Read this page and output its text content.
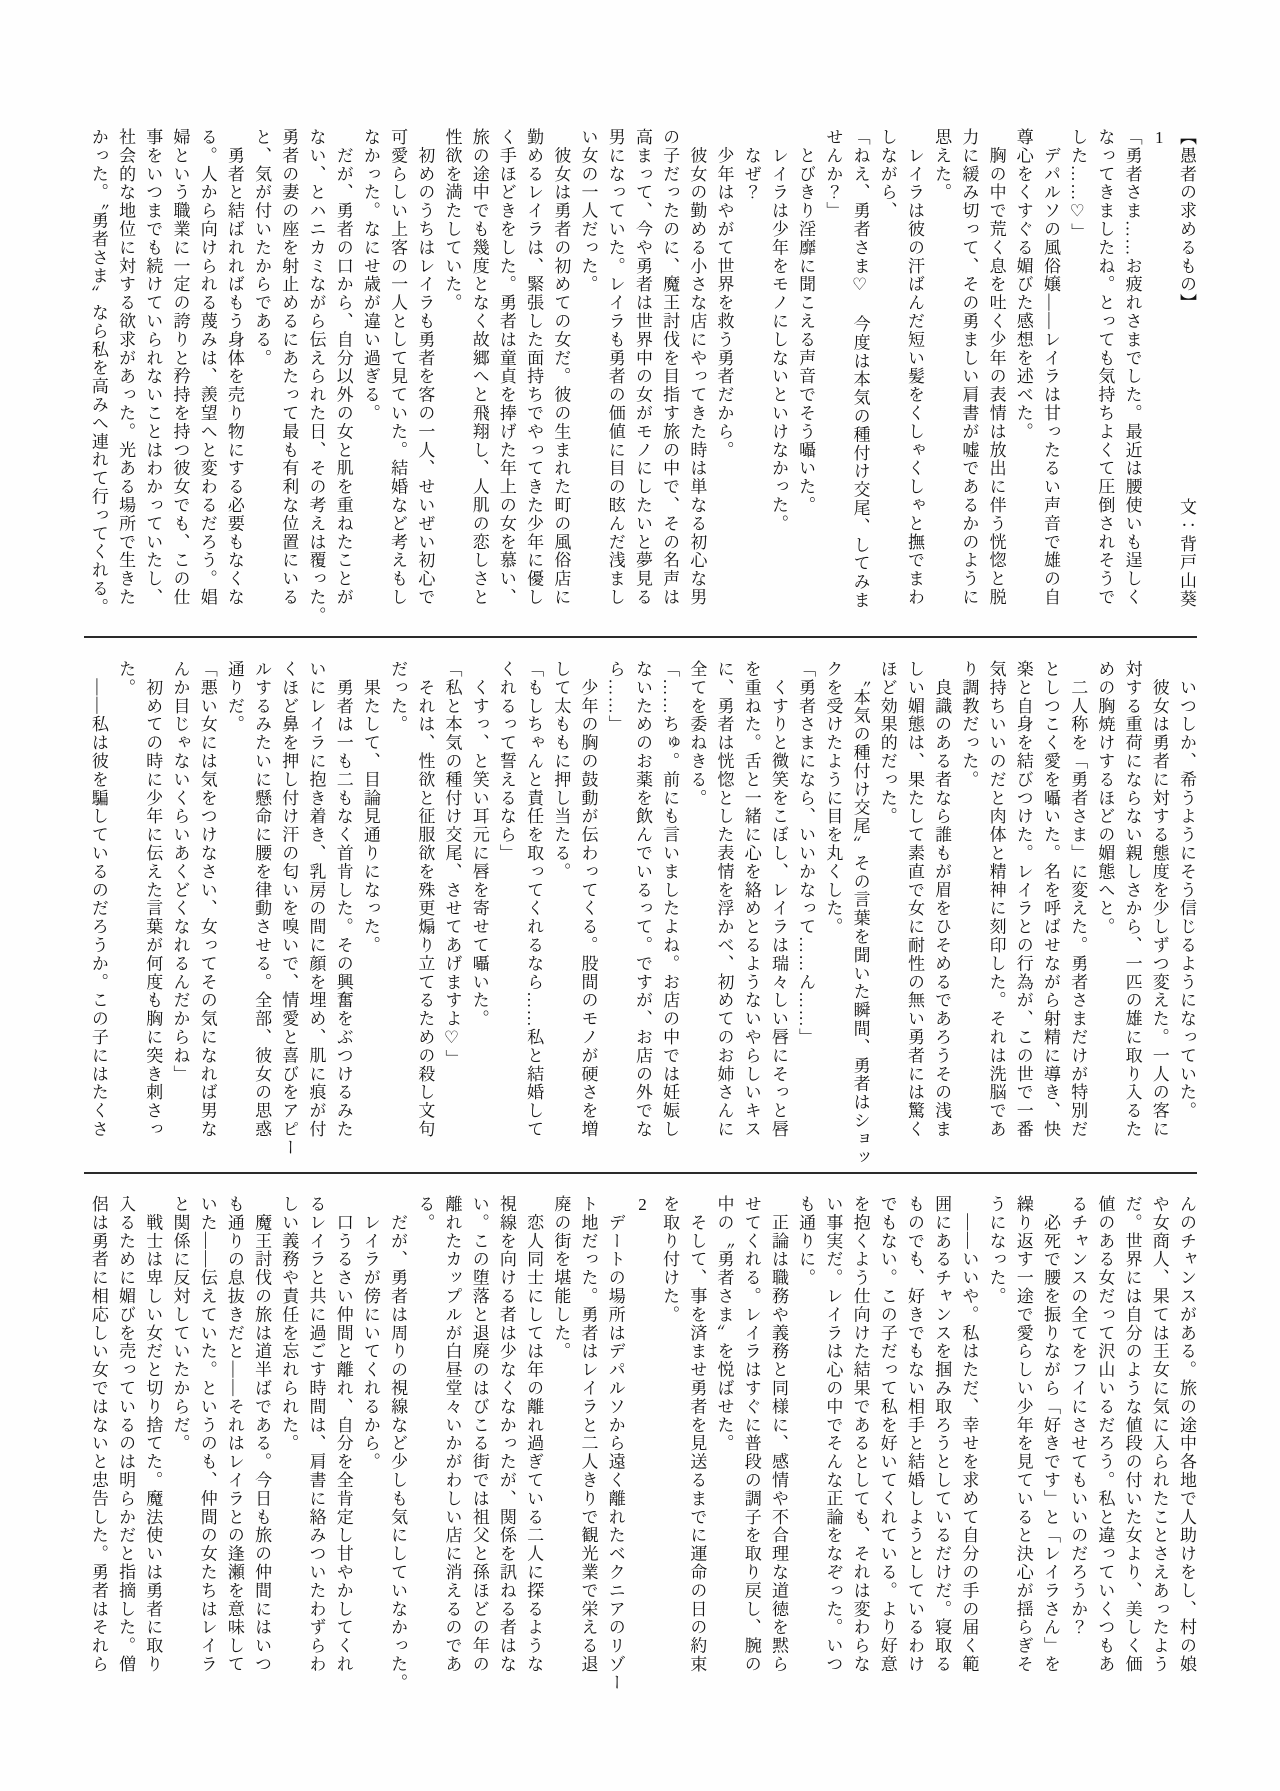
【愚者の求めるもの】
文：背戸山葵

1

「勇者さま……お疲れさまでした。最近は腰使いも逞しく

なってきましたね。とっても気持ちよくて圧倒されそうで

した……♡」

　デパルソの風俗嬢――レイラは甘ったるい声音で雄の自

尊心をくすぐる媚びた感想を述べた。

　胸の中で荒く息を吐く少年の表情は放出に伴う恍惚と脱

力に緩み切って、その勇ましい肩書が嘘であるかのように

思えた。

　レイラは彼の汗ばんだ短い髪をくしゃくしゃと撫でまわ

しながら、

「ねえ、勇者さま♡　今度は本気の種付け交尾、してみま

せんか？」

　とびきり淫靡に聞こえる声音でそう囁いた。

　レイラは少年をモノにしないといけなかった。

　なぜ？

　少年はやがて世界を救う勇者だから。

　彼女の勤める小さな店にやってきた時は単なる初心な男

の子だったのに、魔王討伐を目指す旅の中で、その名声は

高まって、今や勇者は世界中の女がモノにしたいと夢見る

男になっていた。レイラも勇者の価値に目の眩んだ浅まし

い女の一人だった。

　彼女は勇者の初めての女だ。彼の生まれた町の風俗店に

勤めるレイラは、緊張した面持ちでやってきた少年に優し

く手ほどきをした。勇者は童貞を捧げた年上の女を慕い、

旅の途中でも幾度となく故郷へと飛翔し、人肌の恋しさと

性欲を満たしていた。

　初めのうちはレイラも勇者を客の一人、せいぜい初心で

可愛らしい上客の一人として見ていた。結婚など考えもし

なかった。なにせ歳が違い過ぎる。

　だが、勇者の口から、自分以外の女と肌を重ねたことが

ない、とハニカミながら伝えられた日、その考えは覆った。

勇者の妻の座を射止めるにあたって最も有利な位置にいる

と、気が付いたからである。

　勇者と結ばれればもう身体を売り物にする必要もなくな

る。人から向けられる蔑みは、羨望へと変わるだろう。娼

婦という職業に一定の誇りと矜持を持つ彼女でも、この仕

事をいつまでも続けていられないことはわかっていたし、

社会的な地位に対する欲求があった。光ある場所で生きた

かった。〝勇者さま〟なら私を高みへ連れて行ってくれる。

　いつしか、希うようにそう信じるようになっていた。

　彼女は勇者に対する態度を少しずつ変えた。一人の客に

対する重荷にならない親しさから、一匹の雄に取り入るた

めの胸焼けするほどの媚態へと。

　二人称を「勇者さま」に変えた。勇者さまだけが特別だ

としつこく愛を囁いた。名を呼ばせながら射精に導き、快

楽と自身を結びつけた。レイラとの行為が、この世で一番

気持ちいいのだと肉体と精神に刻印した。それは洗脳であ

り調教だった。

　良識のある者なら誰もが眉をひそめるであろうその浅ま

しい媚態は、果たして素直で女に耐性の無い勇者には驚く

ほど効果的だった。

　〝本気の種付け交尾〟その言葉を聞いた瞬間、勇者はショッ

クを受けたように目を丸くした。

「勇者さまになら、いいかなって……ん……」

　くすりと微笑をこぼし、レイラは瑞々しい唇にそっと唇

を重ねた。舌と一緒に心を絡めとるようないやらしいキス

に、勇者は恍惚とした表情を浮かべ、初めてのお姉さんに

全てを委ねきる。

「……ちゅ。前にも言いましたよね。お店の中では妊娠し

ないためのお薬を飲んでいるって。ですが、お店の外でな

ら……」

　少年の胸の鼓動が伝わってくる。股間のモノが硬さを増

して太ももに押し当たる。

「もしちゃんと責任を取ってくれるなら……私と結婚して

くれるって誓えるなら」

　くすっ、と笑い耳元に唇を寄せて囁いた。

「私と本気の種付け交尾、させてあげますよ♡」

　それは、性欲と征服欲を殊更煽り立てるための殺し文句

だった。

　果たして、目論見通りになった。

　勇者は一も二もなく首肯した。その興奮をぶつけるみた

いにレイラに抱き着き、乳房の間に顔を埋め、肌に痕が付

くほど鼻を押し付け汗の匂いを嗅いで、情愛と喜びをアピー

ルするみたいに懸命に腰を律動させる。全部、彼女の思惑

通りだ。

「悪い女には気をつけなさい、女ってその気になれば男な

んか目じゃないくらいあくどくなれるんだからね」

　初めての時に少年に伝えた言葉が何度も胸に突き刺さっ

た。

　――私は彼を騙しているのだろうか。この子にはたくさ

んのチャンスがある。旅の途中各地で人助けをし、村の娘

や女商人、果ては王女に気に入られたことさえあったよう

だ。世界には自分のような値段の付いた女より、美しく価

値のある女だって沢山いるだろう。私と違っていくつもあ

るチャンスの全てをフイにさせてもいいのだろうか？

　必死で腰を振りながら「好きです」と「レイラさん」を

繰り返す一途で愛らしい少年を見ていると決心が揺らぎそ

うになった。

　――いいや。私はただ、幸せを求めて自分の手の届く範

囲にあるチャンスを掴み取ろうとしているだけだ。寝取る

ものでも、好きでもない相手と結婚しようとしているわけ

でもない。この子だって私を好いてくれている。より好意

を抱くよう仕向けた結果であるとしても、それは変わらな

い事実だ。レイラは心の中でそんな正論をなぞった。いつ

も通りに。

　正論は職務や義務と同様に、感情や不合理な道徳を黙ら

せてくれる。レイラはすぐに普段の調子を取り戻し、腕の

中の〝勇者さま〟を悦ばせた。

　そして、事を済ませ勇者を見送るまでに運命の日の約束

を取り付けた。

2

　デートの場所はデパルソから遠く離れたベクニアのリゾー

ト地だった。勇者はレイラと二人きりで観光業で栄える退

廃の街を堪能した。

　恋人同士にしては年の離れ過ぎている二人に探るような

視線を向ける者は少なくなかったが、関係を訊ねる者はな

い。この堕落と退廃のはびこる街では祖父と孫ほどの年の

離れたカップルが白昼堂々いかがわしい店に消えるのであ

る。

　だが、勇者は周りの視線など少しも気にしていなかった。

　レイラが傍にいてくれるから。

　口うるさい仲間と離れ、自分を全肯定し甘やかしてくれ

るレイラと共に過ごす時間は、肩書に絡みついたわずらわ

しい義務や責任を忘れられた。

　魔王討伐の旅は道半ばである。今日も旅の仲間にはいつ

も通りの息抜きだと――それはレイラとの逢瀬を意味して

いた――伝えていた。というのも、仲間の女たちはレイラ

と関係に反対していたからだ。

　戦士は卑しい女だと切り捨てた。魔法使いは勇者に取り

入るために媚びを売っているのは明らかだと指摘した。僧

侶は勇者に相応しい女ではないと忠告した。勇者はそれら
